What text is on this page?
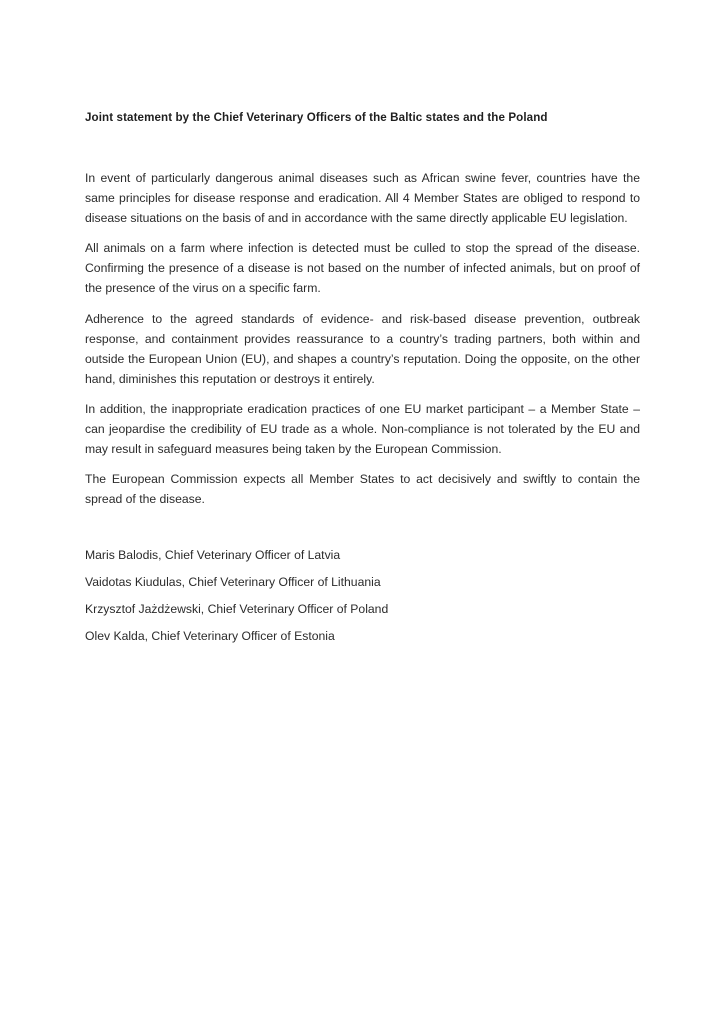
Joint statement by the Chief Veterinary Officers of the Baltic states and the Poland

In event of particularly dangerous animal diseases such as African swine fever, countries have the same principles for disease response and eradication. All 4 Member States are obliged to respond to disease situations on the basis of and in accordance with the same directly applicable EU legislation.

All animals on a farm where infection is detected must be culled to stop the spread of the disease. Confirming the presence of a disease is not based on the number of infected animals, but on proof of the presence of the virus on a specific farm.

Adherence to the agreed standards of evidence- and risk-based disease prevention, outbreak response, and containment provides reassurance to a country’s trading partners, both within and outside the European Union (EU), and shapes a country’s reputation. Doing the opposite, on the other hand, diminishes this reputation or destroys it entirely.

In addition, the inappropriate eradication practices of one EU market participant – a Member State – can jeopardise the credibility of EU trade as a whole. Non-compliance is not tolerated by the EU and may result in safeguard measures being taken by the European Commission.

The European Commission expects all Member States to act decisively and swiftly to contain the spread of the disease.

Maris Balodis, Chief Veterinary Officer of Latvia
Vaidotas Kiudulas, Chief Veterinary Officer of Lithuania
Krzysztof Jażdżewski, Chief Veterinary Officer of Poland
Olev Kalda, Chief Veterinary Officer of Estonia
